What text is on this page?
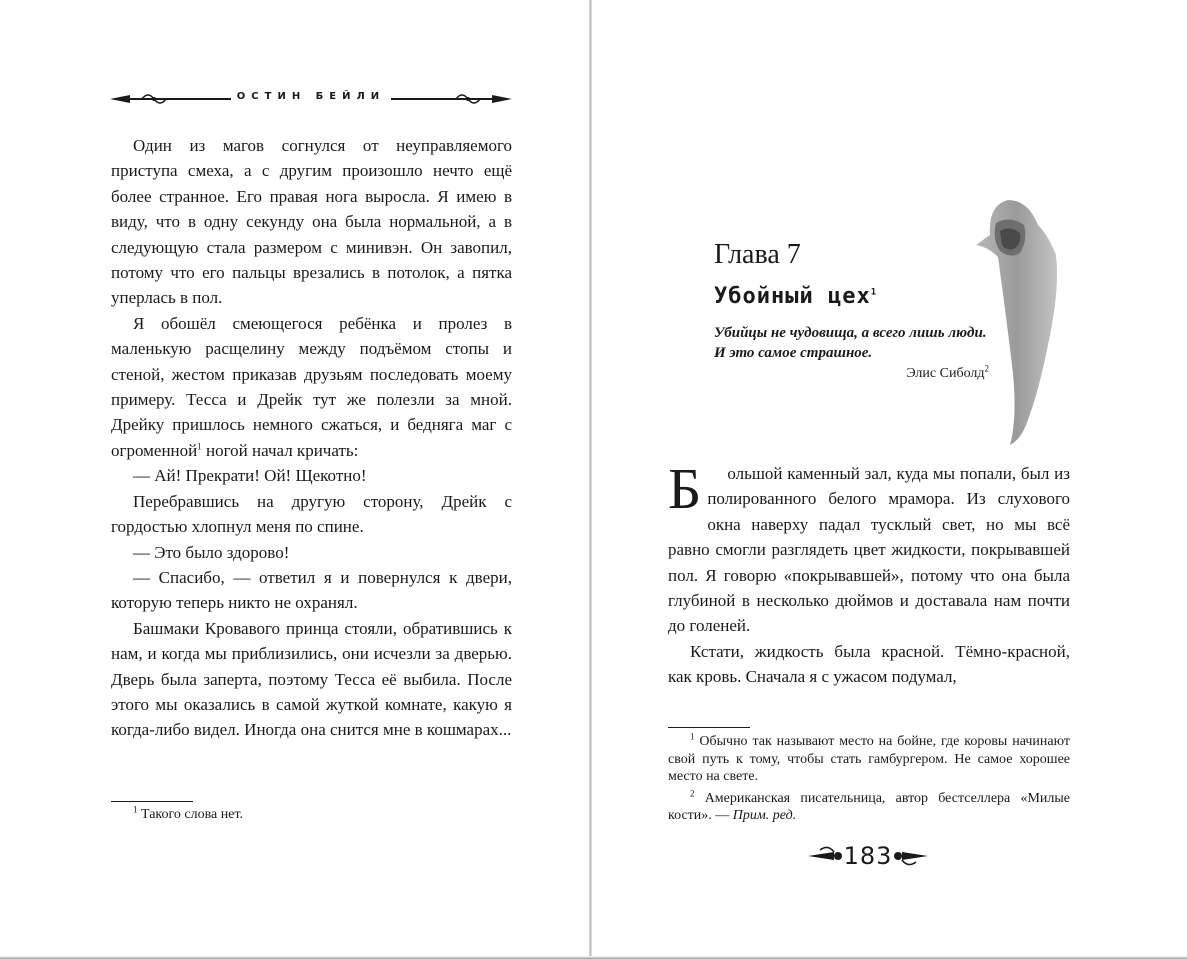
ОСТИН БЕЙЛИ

Один из магов согнулся от неуправляемого приступа смеха, а с другим произошло нечто ещё более странное. Его правая нога выросла. Я имею в виду, что в одну секунду она была нормальной, а в следующую стала размером с минивэн. Он завопил, потому что его пальцы врезались в потолок, а пятка уперлась в пол.

Я обошёл смеющегося ребёнка и пролез в маленькую расщелину между подъёмом стопы и стеной, жестом приказав друзьям последовать моему примеру. Тесса и Дрейк тут же полезли за мной. Дрейку пришлось немного сжаться, и бедняга маг с огроменной$^1$ ногой начал кричать:

— Ай! Прекрати! Ой! Щекотно!

Перебравшись на другую сторону, Дрейк с гордостью хлопнул меня по спине.

— Это было здорово!

— Спасибо, — ответил я и повернулся к двери, которую теперь никто не охранял.

Башмаки Кровавого принца стояли, обратившись к нам, и когда мы приблизились, они исчезли за дверью. Дверь была заперта, поэтому Тесса её выбила. После этого мы оказались в самой жуткой комнате, какую я когда-либо видел. Иногда она снится мне в кошмарах...

$^1$ Такого слова нет.

Глава 7
Убойный цех$^1$
Убийцы не чудовища, а всего лишь люди. И это самое страшное.
Элис Сиболд$^2$

Б ольшой каменный зал, куда мы попали, был из полированного белого мрамора. Из слухового окна наверху падал тусклый свет, но мы всё равно смогли разглядеть цвет жидкости, покрывавшей пол. Я говорю «покрывавшей», потому что она была глубиной в несколько дюймов и доставала нам почти до голеней.

Кстати, жидкость была красной. Тёмно-красной, как кровь. Сначала я с ужасом подумал,

$^1$ Обычно так называют место на бойне, где коровы начинают свой путь к тому, чтобы стать гамбургером. Не самое хорошее место на свете.

$^2$ Американская писательница, автор бестселлера «Милые кости». — Прим. ред.

183
